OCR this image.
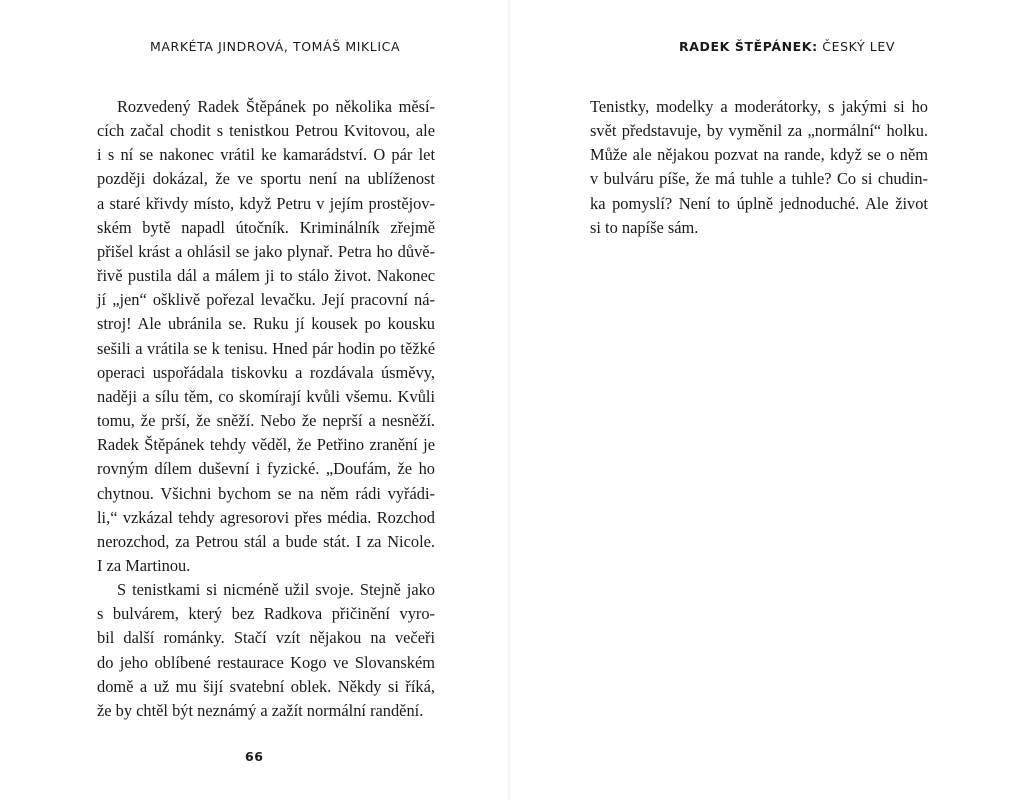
MARKÉTA JINDROVÁ, TOMÁŠ MIKLICA
Rozvedený Radek Štěpánek po několika měsí-
cích začal chodit s tenistkou Petrou Kvitovou, ale
i s ní se nakonec vrátil ke kamarádství. O pár let
později dokázal, že ve sportu není na ublíženost
a staré křivdy místo, když Petru v jejím prostějov-
ském bytě napadl útočník. Kriminálník zřejmě
přišel krást a ohlásil se jako plynař. Petra ho důvě-
řivě pustila dál a málem ji to stálo život. Nakonec
jí „jen“ ošklivě pořezal levačku. Její pracovní ná-
stroj! Ale ubránila se. Ruku jí kousek po kousku
sešili a vrátila se k tenisu. Hned pár hodin po těžké
operaci uspořádala tiskovku a rozdávala úsměvy,
naději a sílu těm, co skomírají kvůli všemu. Kvůli
tomu, že prší, že sněží. Nebo že neprší a nesněží.
Radek Štěpánek tehdy věděl, že Petřino zranění je
rovným dílem duševní i fyzické. „Doufám, že ho
chytnou. Všichni bychom se na něm rádi vyřádi-
li,“ vzkázal tehdy agresorovi přes média. Rozchod
nerozchod, za Petrou stál a bude stát. I za Nicole.
I za Martinou.
S tenistkami si nicméně užil svoje. Stejně jako
s bulvárem, který bez Radkova přičinění vyro-
bil další románky. Stačí vzít nějakou na večeři
do jeho oblíbené restaurace Kogo ve Slovanském
domě a už mu šijí svatební oblek. Někdy si říká,
že by chtěl být neznámý a zažít normální randění.
66
RADEK ŠTĚPÁNEK: ČESKÝ LEV
Tenistky, modelky a moderátorky, s jakými si ho
svět představuje, by vyměnil za „normální“ holku.
Může ale nějakou pozvat na rande, když se o něm
v bulváru píše, že má tuhle a tuhle? Co si chudin-
ka pomyslí? Není to úplně jednoduché. Ale život
si to napíše sám.
